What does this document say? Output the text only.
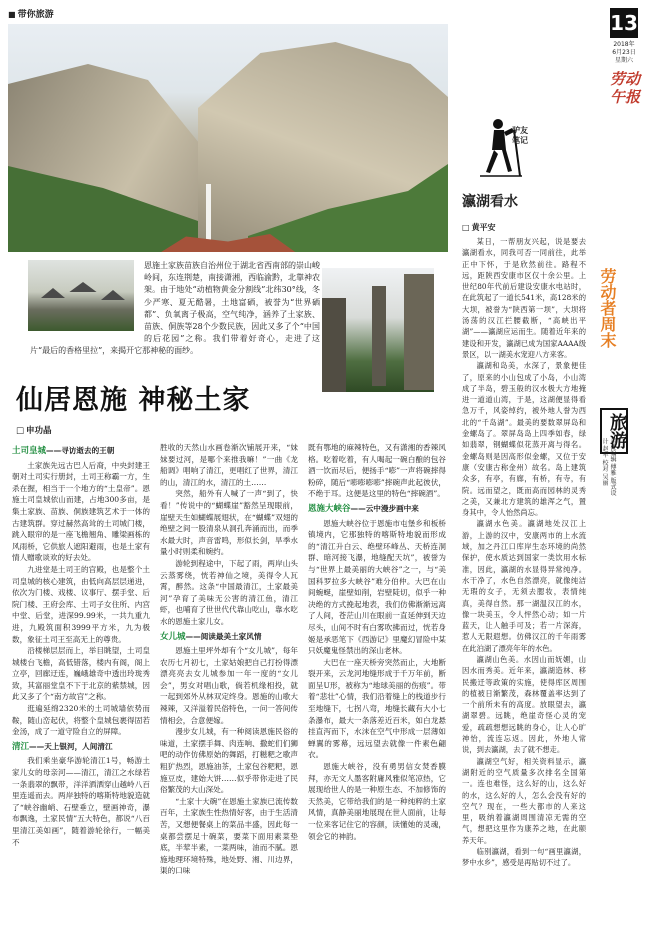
■ 带你旅游
恩施土家族苗族自治州位于湖北省西南部的崇山峻岭间，东连荆楚，南接潇湘，西临渝黔，北靠神农架。由于地处“动植物黄金分割线”北纬30°线，冬少严寒、夏无酷暑，土地富硒，被誉为“世界硒都”、负氧离子极高，空气纯净，涵养了土家族、苗族、侗族等28个少数民族，因此又多了个“中国的后花园”之称。我们带着好奇心，走进了这片“最后的香格里拉”，来揭开它那神秘的面纱。
仙居恩施 神秘土家
□ 申功晶
土司皇城——寻访逝去的王朝

土家族先远古巴人后裔，中央封建王朝对土司实行册封，土司王称霸一方，生杀在握，相当于一个地方的“土皇帝”。恩施土司皇城依山而建，占地300多亩，是集土家族、苗族、侗族建筑艺术于一体的古建筑群。穿过赫然高耸的土司城门楼，跳入眼帘的是一座飞檐翘角、雕梁画栋的风雨桥，它供旅人遮阳避雨，也是土家有情人赠歌谈欢的好去处。

九进堂是土司王的宫殿，也是整个土司皇城的核心建筑，由低向高层层递进，依次为门楼、戏楼、议事厅、摆手堂、后院门楼、王府会库、土司子女住所、内宫中堂、后堂，进深99.99米，一共九重九进，九殿筑面积3999平方米，九为极数，象征土司王至高无上的尊贵。

沿楼梯层层而上，举目眺望，土司皇城楼台飞檐，高低错落，楼内有阁，阁上立亭，回廊迂连，巍峨雄奇中透出玲珑秀致，其富丽堂皇不下于北京的紫禁城，因此又多了个“南方故宫”之称。

逛遍延绵2320米的土司城墙依势而鞍，随山峦起伏，将整个皇城包裹得固若金汤，成了一道守险自立的屏障。

清江——天上银河，人间清江

我们乘坐豪华游轮清江1号，畅游土家儿女的母亲河——清江，清江之水绿若一条翡翠的飘带，洋洋洒洒穿山越岭八百里连遥而去。两岸独特的喀斯特地貌造就了“峡谷幽峭、石壁垂立，壁画神奇，瀑布飘逸，土家民情”五大特色，都说“八百里清江美如画”，随着游轮徐行，一幅美不

胜收的天然山水画卷渐次铺展开来，“妹妹要过河，是哪个来推我嘛！”一曲《龙船调》唱响了清江，更唱红了世界，清江的山，清江的水，清江的土……

突然，船外有人喊了一声“到了，快看！”传说中的“蝴蝶崖”豁然呈现眼前，崖壁天生如蝴蝶展翅状，在“蝴蝶”双翅的绝壁之间一股清泉从洞孔奔涌而出，而季水最大时，声音雷鸣，形似长剑，旱季水量小时则柔和婉约。

游轮到程途中，下起了雨，两岸山头云蒸雾绕，恍若神仙之境，美得令人瓦霄，醉然。这条“中国最清江，土家最美河”孕育了美味无公害的清江鱼，清江虾，也哺育了世世代代靠山吃山，靠水吃水的恩施土家儿女。

女儿城——阅读最美土家风情

恩施土里坪外却有个“女儿城”，每年农历七月初七，土家姑娘把自己打扮得漂漂亮亮去女儿城参加一年一度的“女儿会”，男女对唱山歌，倘若机缘相投，就一起到郊外从林双定终身。恩施的山歌大辣辣，又洋溢着民俗特色，一问一答间传情相会，合意便嫁。

漫步女儿城，有一种阅读恩施民俗的味道，土家摆手舞、肉连响、撒蛇们们狮吧的动作仿佛原始的舞蹈，打糍粑之歌声粗犷热烈，恩施油茶，土家包谷粑粑，恩施豆皮，建始大饼……似乎带你走进了民俗繁茂的大山深处。

“土家十大碗”在恩施土家族已流传数百年，土家族生性热情好客，由于生活清苦，又想便餐桌上的菜品丰盛，因此每一桌都尝摆足十碗菜，要菜下面用素菜垫底，半荤半素，一菜两味，油而不腻。恩施地理环境特殊，地处野、湘、川边界，渠的口味

既有鄂地的麻辣特色，又有潇湘的香辣风格。吃着吃着，有人喝起一碗白酿的包谷酒一饮而尽后，便扬手“嘭”一声将碗摔得粉碎，随后“嘭嘭嘭嘭”摔碗声此起彼伏，不绝于耳。这便是这里的特色“摔碗酒”。

恩施大峡谷——云中漫步画中来

恩施大峡谷位于恩施市屯堡乡和板桥镇境内，它那独特的喀斯特地貌而形成的“清江升白云、绝壁环峰丛、天桥连洞群、暗河接飞瀑，地缝配天坑”，被誉为与“世界上最美丽的大峡谷”之一，与“美国科罗拉多大峡谷”难分伯仲。大巴在山间蜿蜒，崖壁如削，岩壁陡切，似乎一种决绝的方式挽起地表，我们仿佛渐渐远离了人间，苍茫山川在眼前一直延伸到天边尽头，山间不时有白雾吹拂而过，恍若身姬是承恶笔下《西游记》里魔幻冒险中某只妖魔鬼怪禁出的深山老林。

大巴在一座天桥旁突然而止，大地断裂开来，云龙河地缝形成于千万年前，断面呈U形，被称为“地球美丽的伤痕”。带着“悲壮”心情，我们沿着缝上的栈道步行至地缝下，七拐八弯，地缝长藏有大小七条瀑布，最大一条落差近百米，如白龙悬挂直泻而下，水沫在空气中形成一层薄如蝉翼的雾幕，远远望去就像一件素色翩衣。

恩施大峡谷，没有勇男信女焚香膜拜，亦无文人墨客附庸风雅似笔凉热，它展现给世人的是一种原生态、不加修饰的天然美，它带给我们的是一种纯粹的土家风情，真静美丽地展现在世人面前，让每一位来客记住它的容颜，读懂她的灵魂，领会它的神韵。

13
2018年
6月23日
星期六
劳动午报
驴友
笔记
瀛湖看水
□ 黄平安

某日，一帮朋友兴起，说是要去瀛湖看水，同我可否一同前往，此举正中下怀，于是欣然前往。路程不远，距陕西安康市区仅十余公里。上世纪80年代前后建设安康水电站时，在此筑起了一道长541米，高128米的大坝，被誉为“陕西第一坝”，大坝将汤荡的汉江拦腰截断，“高峡出平湖”——瀛湖应运而生。随着近年来的建设和开发，瀛湖已成为国家AAAA级景区，以一湖美水宠迎八方来客。

瀛湖和岛美，水深了，景象便佳了，原来的小山包成了小岛，小山湾成了半岛，碧玉般的汉水极大方地掩进一道道山湾，于是，这湖便显得看急万千，风姿绰约，被外地人誉为西北的“千岛湖”。最美的要数翠屏岛和金螺岛了。翠屏岛岛上四季如春，绿如翡翠，钢蝴蝶似花蒸开离与得名。金螺岛则是因高形似金螺，又位于安康（安康古称金州）故名。岛上建筑众多，有亭，有廊，有桥，有寺，有院。远而望之，既而高而园林的灵秀之美，又兼北方建筑的雄浑之气，置身其中，令人怡然尚忘。

瀛湖水色美。瀛湖地处汉江上游，上游的汉中，安康两市的上水流域，加之丹江口库岸生态环境的尚然保护，使水质达到国家一类饮用水标准，因此，瀛湖的水显得异常纯净。水干净了，水色自然漂亮，就像纯洁无瑕的女子，无须去腮妆，表情纯真，美得自然。那一湖温汉江的水，像一块美玉，令人怦然心动；如一片蓝天，让人触手可及；若一片深海，惹人无限遐想。仿佛汉江的千年雨雾在此泊湖了漂亮年年的水色。

瀛湖山色美。水因山而妩媚，山因水而秀美。近年来，瀛湖造林、移民搬迁等政策的实施，使得库区周围的植被日渐繁茂，森林覆盖率达到了一个前所未有的高度。放眼望去，瀛湖翠碧。远眺，绝崖奇怪心灵的宠爱，疏疏想想远眺的身心，让人心旷神怡，流连忘返。因此，外地人常说，到去瀛湖，去了就不想走。

瀛湖空气好，相关资料显示，瀛湖附近的空气质量多次排名全国第一。连也难怪，这么好的山，这么好的水，这么好的人，怎么会没有好的空气？现在，一些大都市的人来这里，吸纳着瀛湖周围清凉无需的空气，想把这里作为康养之地，在此颐养天年。

临别瀛湖，看到一句“画里瀛湖，梦中水乡”，感受是再贴切不过了。

劳动者周末
旅游
责任编辑 傅雅 版式设计 赵军 校对 吴丽
